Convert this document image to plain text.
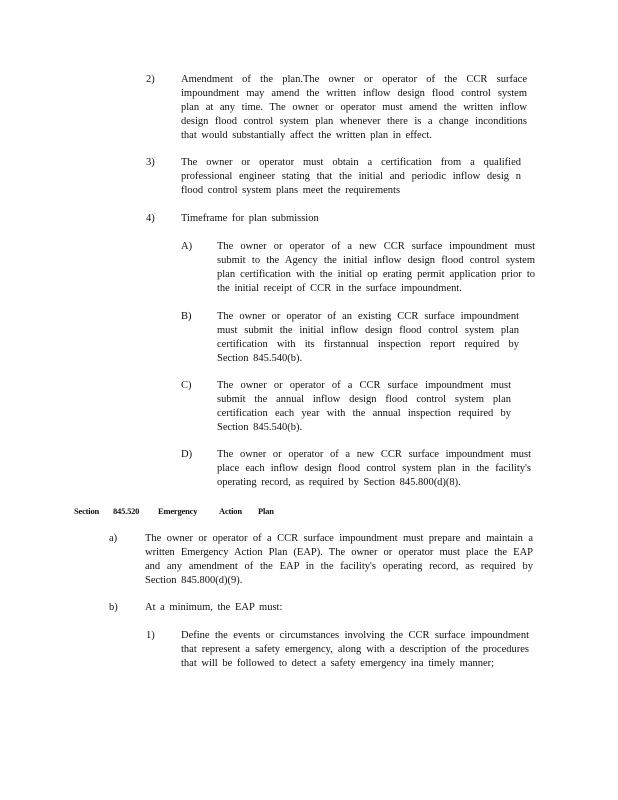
2)	Amendment of the plan.The owner or operator of the CCR surface impoundment may amend the written inflow design flood control system plan at any time. The owner or operator must amend the written inflow design flood control system plan whenever there is a change inconditions that would substantially affect the written plan in effect.
3)	The owner or operator must obtain a certification from a qualified professional engineer stating that the initial and periodic inflow desig n flood control system plans meet the requirements
4)	Timeframe for plan submission
A) The owner or operator of a new CCR surface impoundment must submit to the Agency the initial inflow design flood control system plan certification with the initial op erating permit application prior to the initial receipt of CCR in the surface impoundment.
B) The owner or operator of an existing CCR surface impoundment must submit the initial inflow design flood control system plan certification with its firstannual inspection report required by Section 845.540(b).
C) The owner or operator of a CCR surface impoundment must submit the annual inflow design flood control system plan certification each year with the annual inspection required by Section 845.540(b).
D) The owner or operator of a new CCR surface impoundment must place each inflow design flood control system plan in the facility's operating record, as required by Section 845.800(d)(8).
Section 845.520 Emergency	Action Plan
a)	The owner or operator of a CCR surface impoundment must prepare and maintain a written Emergency Action Plan (EAP). The owner or operator must place the EAP and any amendment of the EAP in the facility's operating record, as required by Section 845.800(d)(9).
b)	At a minimum, the EAP must:
1)	Define the events or circumstances involving the CCR surface impoundment that represent a safety emergency, along with a description of the procedures that will be followed to detect a safety emergency ina timely manner;
